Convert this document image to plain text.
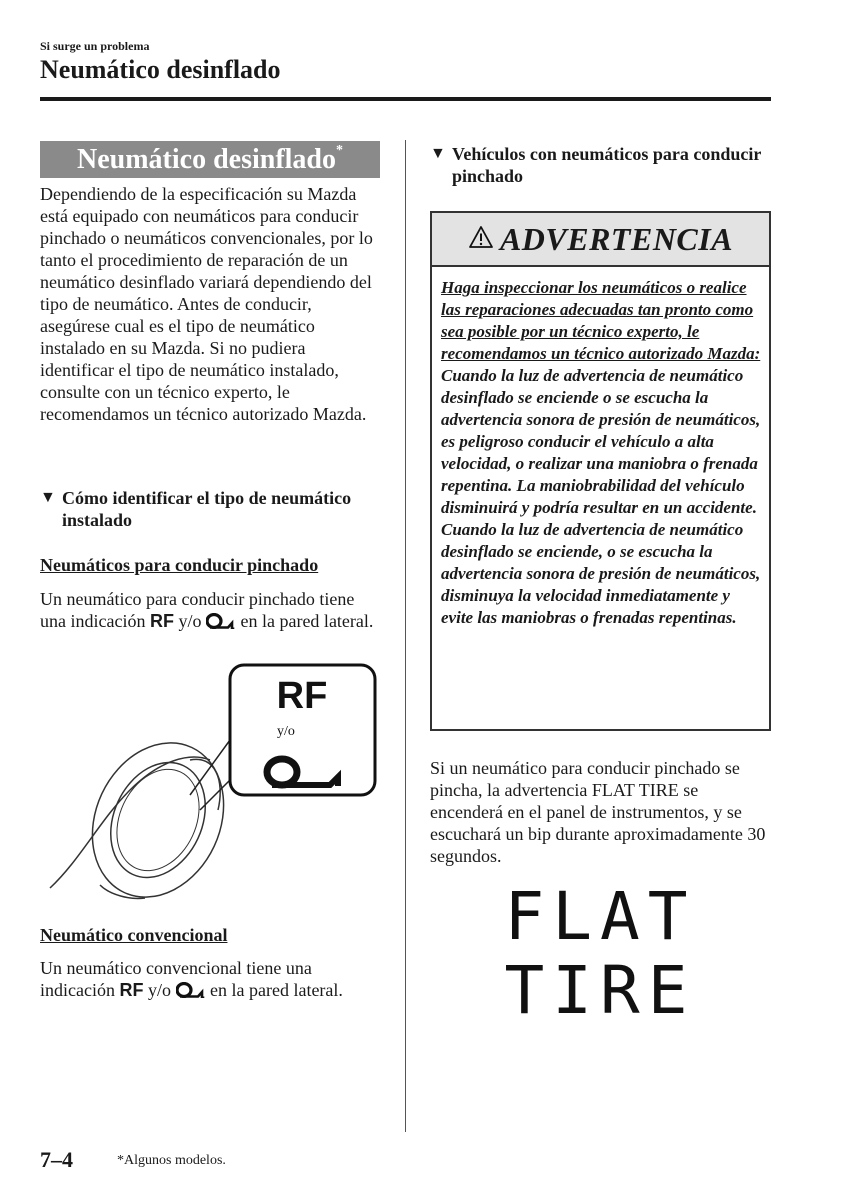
Si surge un problema
Neumático desinflado
Neumático desinflado*
Dependiendo de la especificación su Mazda está equipado con neumáticos para conducir pinchado o neumáticos convencionales, por lo tanto el procedimiento de reparación de un neumático desinflado variará dependiendo del tipo de neumático. Antes de conducir, asegúrese cual es el tipo de neumático instalado en su Mazda. Si no pudiera identificar el tipo de neumático instalado, consulte con un técnico experto, le recomendamos un técnico autorizado Mazda.
▼ Cómo identificar el tipo de neumático instalado
Neumáticos para conducir pinchado
Un neumático para conducir pinchado tiene una indicación RF y/o en la pared lateral.
RF
y/o
Neumático convencional
Un neumático convencional tiene una indicación RF y/o en la pared lateral.
▼ Vehículos con neumáticos para conducir pinchado
ADVERTENCIA
Haga inspeccionar los neumáticos o realice las reparaciones adecuadas tan pronto como sea posible por un técnico experto, le recomendamos un técnico autorizado Mazda:
Cuando la luz de advertencia de neumático desinflado se enciende o se escucha la advertencia sonora de presión de neumáticos, es peligroso conducir el vehículo a alta velocidad, o realizar una maniobra o frenada repentina. La maniobrabilidad del vehículo disminuirá y podría resultar en un accidente.
Cuando la luz de advertencia de neumático desinflado se enciende, o se escucha la advertencia sonora de presión de neumáticos, disminuya la velocidad inmediatamente y evite las maniobras o frenadas repentinas.
Si un neumático para conducir pinchado se pincha, la advertencia FLAT TIRE se encenderá en el panel de instrumentos, y se escuchará un bip durante aproximadamente 30 segundos.
FLAT
TIRE
7–4	*Algunos modelos.
